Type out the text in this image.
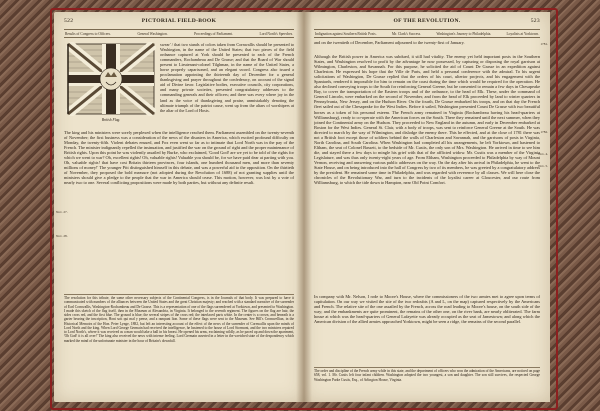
522	PICTORIAL FIELD-BOOK
Results of Congress to Officers.	General Washington.	Proceedings of Parliament.	Lord North's Speeches.
British Flag.
swear' / that two stands of colors taken from Cornwallis should be presented to Washington, in the name of the United States; that two pieces of the field ordnance captured at York should be presented to each of the French commanders, Rochambeau and De Grasse; and that the Board of War should present to Lieutenant-colonel Tilghman, in the name of the United States, a horse properly caparisoned, and an elegant sword. Congress also issued a proclamation appointing the thirteenth day of December for a general thanksgiving and prayer throughout the confederacy, on account of the signal aid of Divine favor. Legislative bodies, executive councils, city corporations, and many private societies, presented congratulatory addresses to the commanding generals and their officers; and there was every where joy in the land as the voice of thanksgiving and praise, unmistakably denoting the ultimate triumph of the patriot cause, went up from the altars of worshipers at the altar of the Lord of Hosts.
The king and his ministers were sorely perplexed when the intelligence reached them. Parliament assembled on the twenty-seventh of November; the first business was a consideration of the news of the disasters in America, which excited profound difficulty on Monday, the twenty-fifth. Violent debates ensued, and Fox even went so far as to intimate that Lord North was in the pay of the French. The minister indignantly repelled the insinuation, and justified the war on the ground of right and the proper maintenance of British rights. Upon this point he was violently assailed by Burke, who exclaimed, 'Good God! are we yet to be told of the rights for which we went to war? Oh, excellent rights! Oh, valuable rights! Valuable you should be, for we have paid dear at parting with you. Oh, valuable rights! that have cost Britain thirteen provinces, four islands, one hundred thousand men, and more than seventy millions of money!' The younger Pitt distinguished himself in this debate, and was a powerful aid to the opposition. On the thirtieth of November, they proposed the bold measure (not adopted during the Revolution of 1688) of not granting supplies until the ministers should give a pledge to the people that the war in America should cease. This motion, however, was lost by a vote of nearly two to one. Several conflicting propositions were made by both parties, but without any definite result.
Nov. 27.
Nov. 28.
The resolution for this tribute, the same other necessary subjects of the Continental Congress, is in the Journals of that body. It was prepared to have it communicated with numbers of the alliances between the United States and the great Christian majesty; and reached with a standard narrative of the surrender of Earl Cornwallis, Washington-Rochambeau and De Grasse. This is a representation of one of the flags surrendered at Yorktown, and presented to Washington. I made this sketch of the flag itself, then in the Museum at Alexandria, in Virginia. It belonged to the seventh regiment. The figures on the flag are hair, the sides cross red, and the first blue. The ground is blue; the several stripes of the cross red; the interlaced parts white. In the center is a crown, and beneath is a garter bearing the inscription, Honi soit qui mal y pense, and a rampant lion. Some of these flags were sent to the Museum. See Hill's Cromwellian, in the Historical Memoirs of the Hon. Peter Lynge, 1882, but left an interesting account of the effect of the news of the surrender of Cornwallis upon the minds of Lord North and the king. When Lord George Germain had received the intelligence, he hastened to the house of Lord Stormont, and the two ministers repaired to Lord North's, where it was received as a man would take a ball in his breast. He opened his arms, exclaiming wildly, as he paced up and down the apartment, 'Oh God! it is all over!' The king also received the news with intense feeling. Lord Germain asserted in a letter in the wretched state of the despondency which marked the mind of the unfortunate minister in the hour of Britain's downfall.
OF THE REVOLUTION.	523
Indignation against Southern British Posts.	Mr. Clark's Success.	Washington's Journey to Philadelphia.	Loyalists at Yorktown.
and on the twentieth of December, Parliament adjourned to the twenty-first of January.
Although the British power in America was subdued, it still had vitality. The enemy yet held important posts in the Southern States, and Washington resolved to profit by the advantage he now possessed, by capturing or disposing the royal garrison at Wilmington, Charleston, and Savannah. For this purpose, he solicited the aid of Count De Grasse in an expedition against Charleston. He expressed his hope that the Ville de Paris, and held a personal conference with the admiral. To his urgent solicitations of Washington, De Grasse replied that the orders of his court, ulterior projects, and his engagement with the Spaniards, rendered it impossible for him to remain on the coast during the time which would be required for the operation. He also declined conveying troops to the South for reinforcing General Greene, but he consented to remain a few days in Chesapeake Bay, to cover the transportation of the Eastern troops and of the ordnance, to the head of Elk. These, under the command of General Lincoln, were embarked on the second of November, and from the head of Elk proceeded by land to winter quarters in Pennsylvania, New Jersey, and on the Hudson River. On the fourth, De Grasse embarked his troops, and on that day the French fleet sailed out of the Chesapeake for the West Indies. Before it sailed, Washington presented Count De Grasse with two beautiful horses as a token of his personal esteem. The French army remained in Virginia (Rochambeau having his head-quarters at Williamsburg), ready to co-operate with the American forces on the South. There they remained until the next summer, when they joined the Continental army on the Hudson. They proceeded to New England in the autumn, and early in December embarked at Boston for the West Indies. General St. Clair, with a body of troops, was sent to reinforce General Greene at the South. He was directed to march by the way of Wilmington, and dislodge the enemy there. This he effected, and at the close of 1781 there was not a British foot except those of soldiers behind the walls of Charleston and Savannah, and the garrisons of posts in Virginia, North Carolina, and South Carolina. When Washington had completed all his arrangements, he left Yorktown, and hastened to Eltham, the seat of Colonel Bassett, to the bedside of Mr. Custis, the only son of Mrs. Washington. He arrived in time to see him die, and stayed there a few days to mingle his grief with that of the afflicted widow. Mr. Custis was a member of the Virginia Legislature, and was thus only twenty-eight years of age. From Eltham, Washington proceeded to Philadelphia by way of Mount Vernon, receiving and answering various public addresses on the way. On the day after his arrival in Philadelphia, he went to the State House, and on being introduced into the hall of Congress by two of its members, he was greeted by a congratulatory address by the president. He remained some time in Philadelphia, and was regarded with reverence by all classes. We will here close the chronicles of the Revolutionary War, and turn to the incidents of the loyalist career at Gloucester, and our route from Williamsburg, to which the tide down to Hampton, near Old Point Comfort.
In company with Mr. Nelson, I rode to Moore's House, where the commissioners of the two armies met to agree upon terms of capitulation. On our way we visited the site of the two redoubts (A and L, on the map) captured respectively by the Americans and French. The relative site of the one assailed by the French, across the road leading to Moore's house, on the south side of the way; and the embankments are quite prominent, the remains of the other one, on the river bank, are nearly obliterated. The farm house at which was the head-quarters of General Lafayette was already occupied as the seat of Jamestown; and along which the American division of the allied armies approached Yorktown, might be seen a ridge, the remains of the second parallel.
1781.
1782.
Nov. 4.
Nov. 5.
The order and discipline of the French army while in this state, and the deportment of officers who won the admiration of the Americans, are noticed on page 658, vol. 1. Mr. Custis left four infant children. Washington adopted the two youngest, a son and daughter. The son still survives, the respected George Washington Parke Custis, Esq., of Arlington House, Virginia.
